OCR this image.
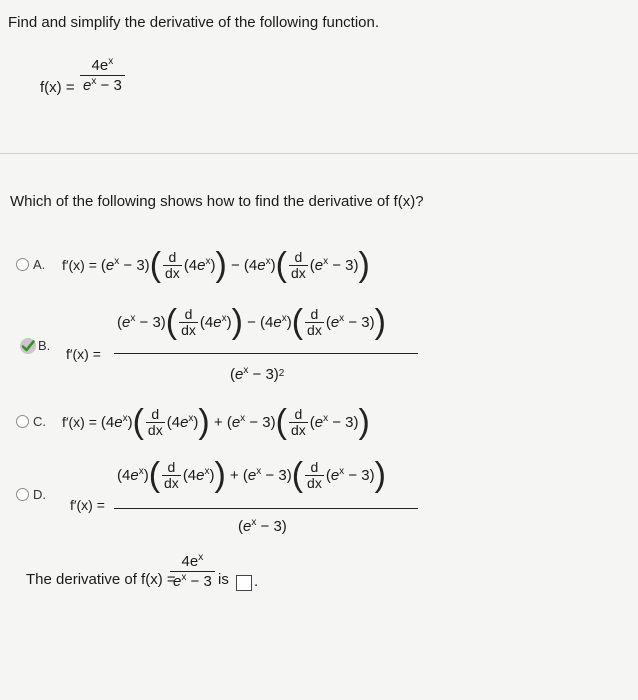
Find and simplify the derivative of the following function.
$f(x) = \frac{4e^x}{e^x - 3}$
Which of the following shows how to find the derivative of f(x)?
A. $f'(x) = (e^x - 3)$ ( $\frac{d}{dx} (4e^x)$ ) − $(4e^x)$ ( $\frac{d}{dx} (e^x - 3)$ )
B.
f′(x) =
$(e^x - 3)$ ( $\frac{d}{dx} (4e^x)$ ) − $(4e^x)$ ( $\frac{d}{dx} (e^x - 3)$ )
$(e^x - 3)$ 2
C. $f'(x) = (4e^x)$ ( $\frac{d}{dx} (4e^x)$ ) + $(e^x - 3)$ ( $\frac{d}{dx} (e^x - 3)$ )
D.
f′(x) =
$(4e^x)$ ( $\frac{d}{dx} (4e^x)$ ) + $(e^x - 3)$ ( $\frac{d}{dx} (e^x - 3)$ )
$(e^x - 3)$
The derivative of f(x) =
$\frac{4e^x}{e^x - 3}$ is .
